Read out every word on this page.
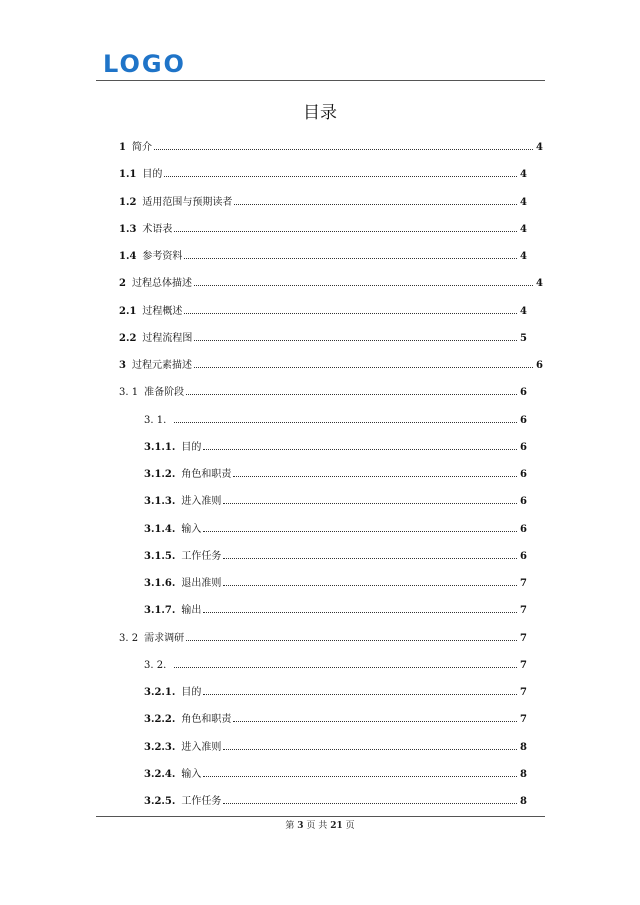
LOGO
目录
1 简介	4
1.1 目的	4
1.2 适用范围与预期读者	4
1.3 术语表	4
1.4 参考资料	4
2 过程总体描述	4
2.1 过程概述	4
2.2 过程流程图	5
3 过程元素描述	6
3. 1 准备阶段	6
3. 1.	6
3.1.1. 目的	6
3.1.2. 角色和职责	6
3.1.3. 进入准则	6
3.1.4. 输入	6
3.1.5. 工作任务	6
3.1.6. 退出准则	7
3.1.7. 输出	7
3. 2 需求调研	7
3. 2.	7
3.2.1. 目的	7
3.2.2. 角色和职责	7
3.2.3. 进入准则	8
3.2.4. 输入	8
3.2.5. 工作任务	8
第 3 页 共 21 页
